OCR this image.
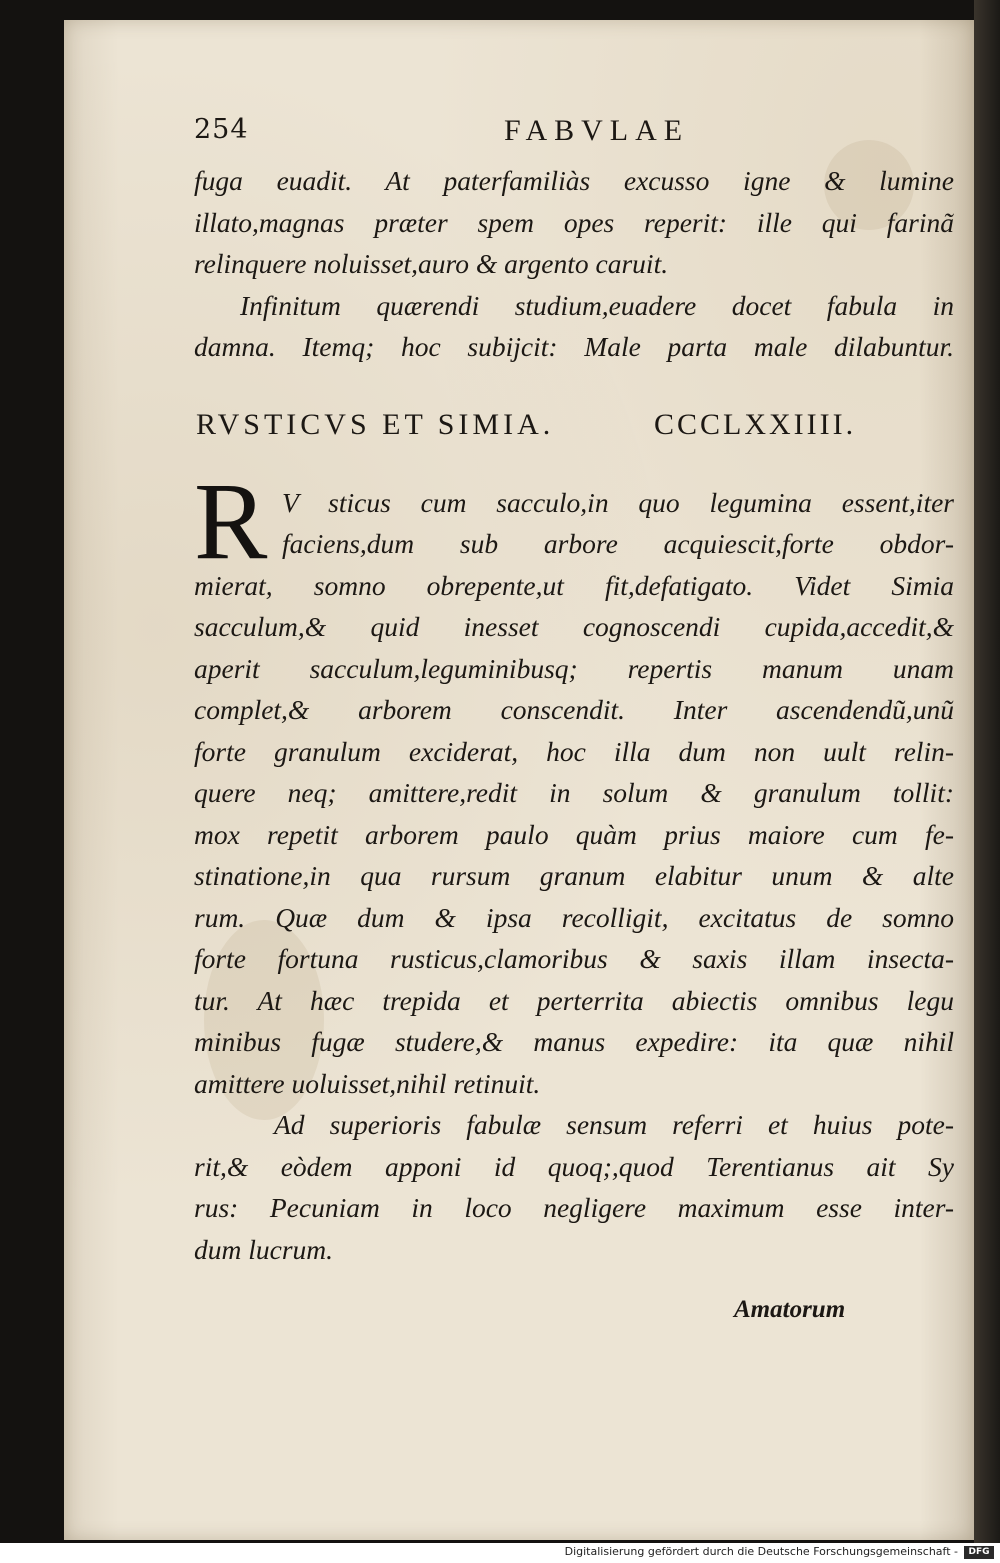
254	FABVLAE

fuga euadit. At paterfamiliàs excusso igne & lumine
illato,magnas præter spem opes reperit: ille qui farinã
relinquere noluisset,auro & argento caruit.

Infinitum quærendi studium,euadere docet fabula in
damna. Itemq; hoc subijcit: Male parta male dilabuntur.

RVSTICVS ET SIMIA.	CCCLXXIIII.
R V sticus cum sacculo,in quo legumina essent,iter
faciens,dum sub arbore acquiescit,forte obdor-
mierat, somno obrepente,ut fit,defatigato. Videt Simia
sacculum,& quid inesset cognoscendi cupida,accedit,&
aperit sacculum,leguminibusq; repertis manum unam
complet,& arborem conscendit. Inter ascendendũ,unũ
forte granulum exciderat, hoc illa dum non uult relin-
quere neq; amittere,redit in solum & granulum tollit:
mox repetit arborem paulo quàm prius maiore cum fe-
stinatione,in qua rursum granum elabitur unum & alte
rum. Quæ dum & ipsa recolligit, excitatus de somno
forte fortuna rusticus,clamoribus & saxis illam insecta-
tur. At hæc trepida et perterrita abiectis omnibus legu
minibus fugæ studere,& manus expedire: ita quæ nihil
amittere uoluisset,nihil retinuit.

Ad superioris fabulæ sensum referri et huius pote-
rit,& eòdem apponi id quoq;,quod Terentianus ait Sy
rus: Pecuniam in loco negligere maximum esse inter-
dum lucrum.

Amatorum
Digitalisierung gefördert durch die Deutsche Forschungsgemeinschaft -	DFG
